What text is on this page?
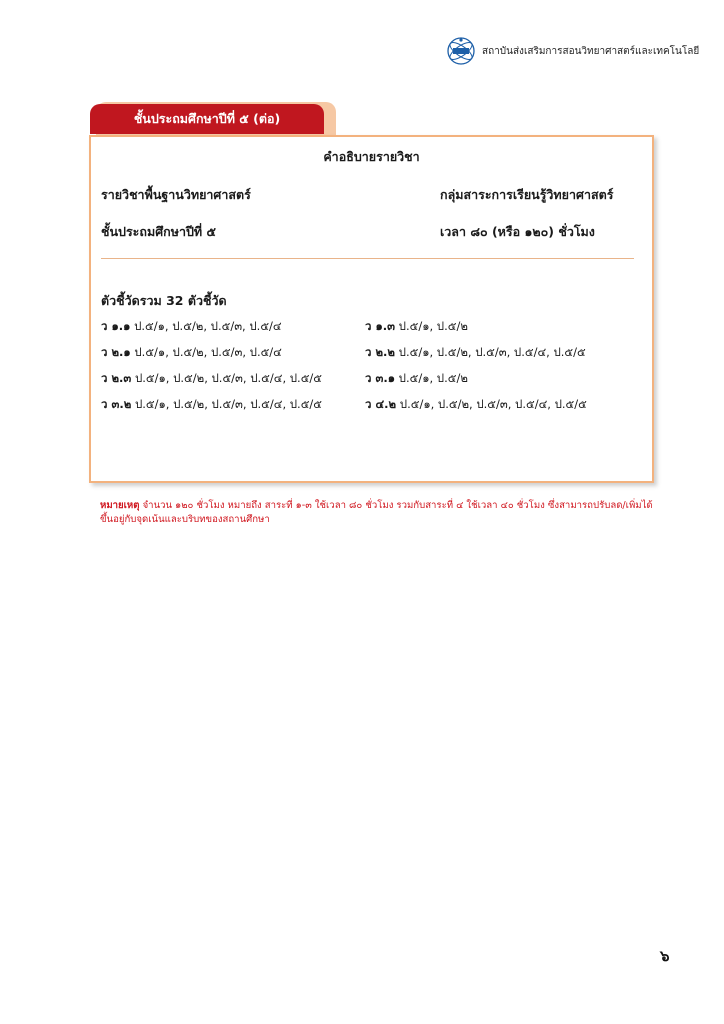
สถาบันส่งเสริมการสอนวิทยาศาสตร์และเทคโนโลยี
ชั้นประถมศึกษาปีที่ ๕ (ต่อ)
คำอธิบายรายวิชา
รายวิชาพื้นฐานวิทยาศาสตร์	กลุ่มสาระการเรียนรู้วิทยาศาสตร์
ชั้นประถมศึกษาปีที่ ๕	เวลา ๘๐ (หรือ ๑๒๐) ชั่วโมง
ตัวชี้วัดรวม 32 ตัวชี้วัด
ว ๑.๑ ป.๕/๑, ป.๕/๒, ป.๕/๓, ป.๕/๔	ว ๑.๓ ป.๕/๑, ป.๕/๒
ว ๒.๑ ป.๕/๑, ป.๕/๒, ป.๕/๓, ป.๕/๔	ว ๒.๒ ป.๕/๑, ป.๕/๒, ป.๕/๓, ป.๕/๔, ป.๕/๕
ว ๒.๓ ป.๕/๑, ป.๕/๒, ป.๕/๓, ป.๕/๔, ป.๕/๕	ว ๓.๑ ป.๕/๑, ป.๕/๒
ว ๓.๒ ป.๕/๑, ป.๕/๒, ป.๕/๓, ป.๕/๔, ป.๕/๕	ว ๔.๒ ป.๕/๑, ป.๕/๒, ป.๕/๓, ป.๕/๔, ป.๕/๕
หมายเหตุ จำนวน ๑๒๐ ชั่วโมง หมายถึง สาระที่ ๑-๓ ใช้เวลา ๘๐ ชั่วโมง รวมกับสาระที่ ๔ ใช้เวลา ๔๐ ชั่วโมง ซึ่งสามารถปรับลด/เพิ่มได้ขึ้นอยู่กับจุดเน้นและบริบทของสถานศึกษา
๖
